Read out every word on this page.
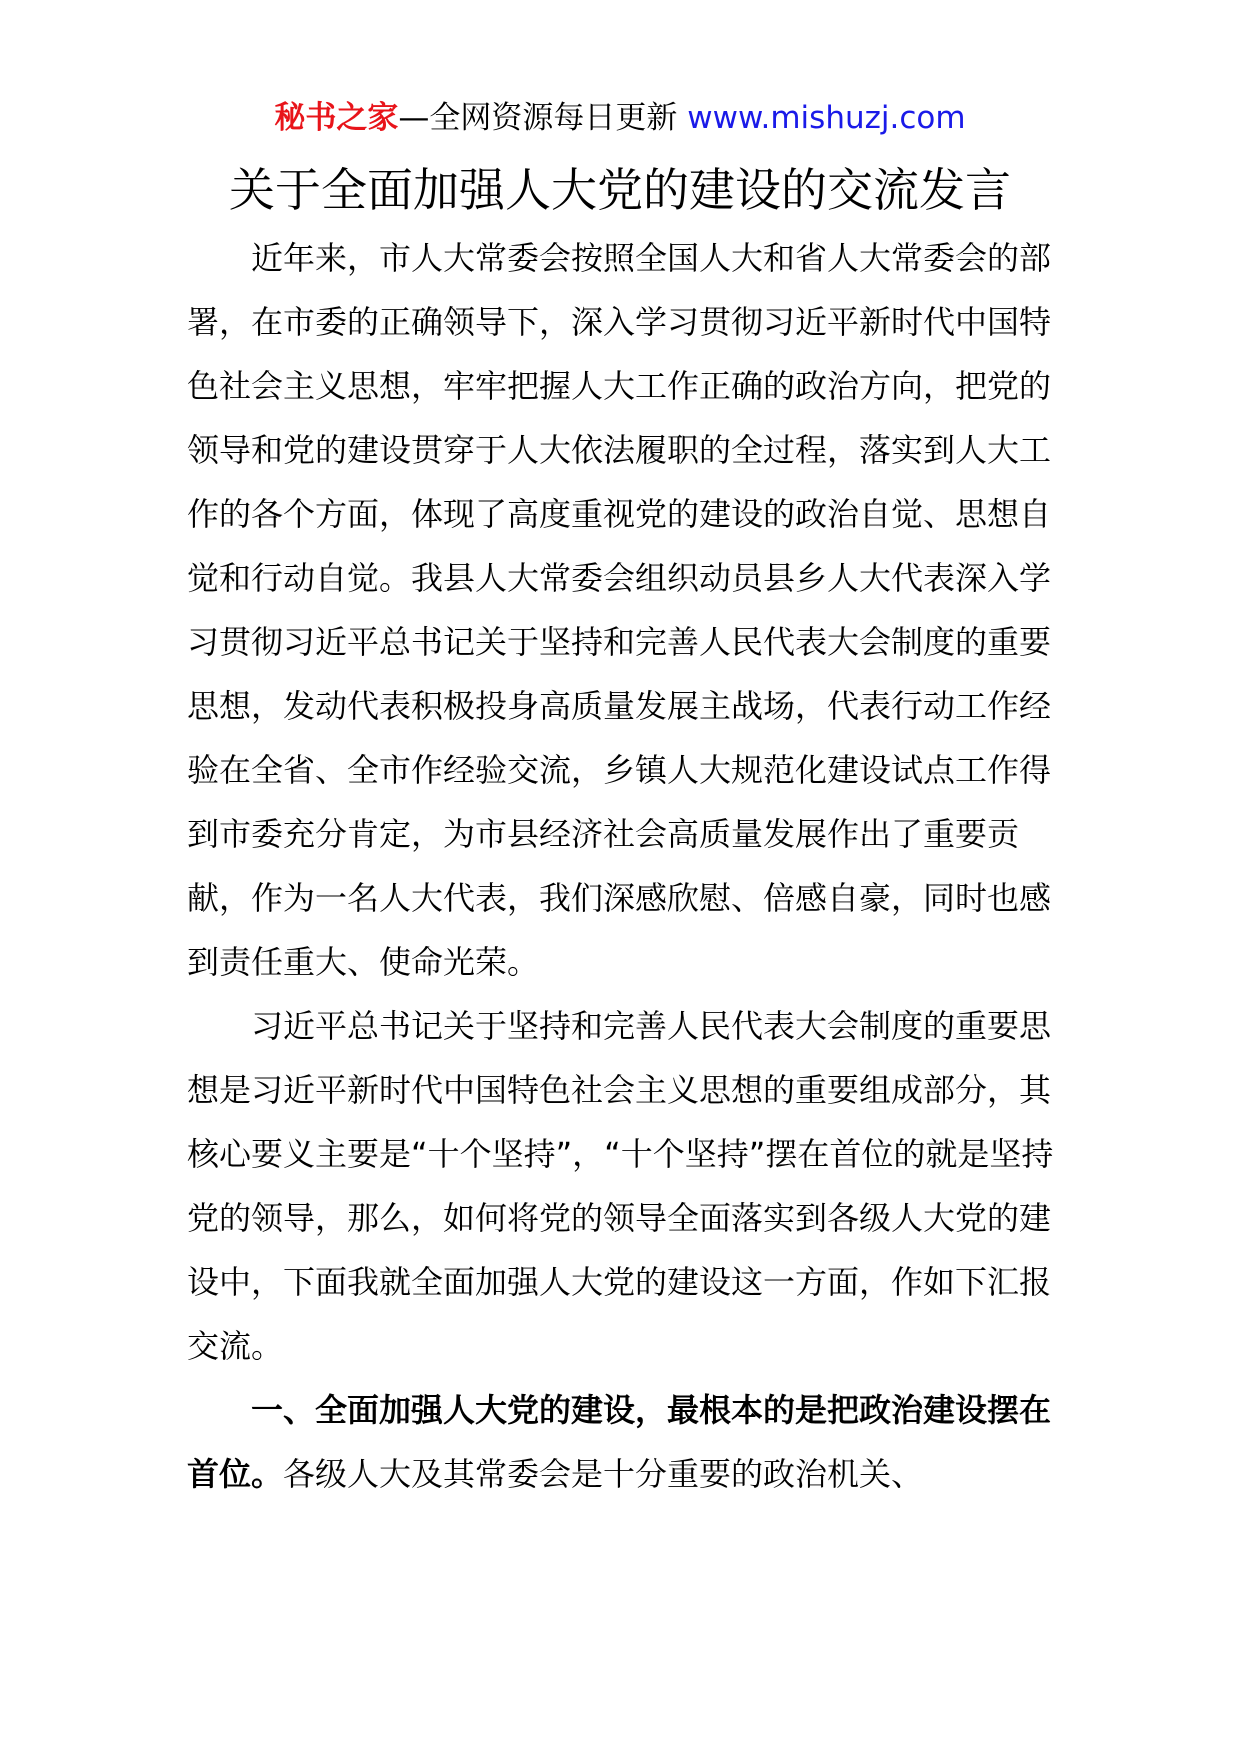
秘书之家—全网资源每日更新 www.mishuzj.com
关于全面加强人大党的建设的交流发言

近年来，市人大常委会按照全国人大和省人大常委会的部署，在市委的正确领导下，深入学习贯彻习近平新时代中国特色社会主义思想，牢牢把握人大工作正确的政治方向，把党的领导和党的建设贯穿于人大依法履职的全过程，落实到人大工作的各个方面，体现了高度重视党的建设的政治自觉、思想自觉和行动自觉。我县人大常委会组织动员县乡人大代表深入学习贯彻习近平总书记关于坚持和完善人民代表大会制度的重要思想，发动代表积极投身高质量发展主战场，代表行动工作经验在全省、全市作经验交流，乡镇人大规范化建设试点工作得到市委充分肯定，为市县经济社会高质量发展作出了重要贡献，作为一名人大代表，我们深感欣慰、倍感自豪，同时也感到责任重大、使命光荣。

习近平总书记关于坚持和完善人民代表大会制度的重要思想是习近平新时代中国特色社会主义思想的重要组成部分，其核心要义主要是“十个坚持”，“十个坚持”摆在首位的就是坚持党的领导，那么，如何将党的领导全面落实到各级人大党的建设中，下面我就全面加强人大党的建设这一方面，作如下汇报交流。

一、全面加强人大党的建设，最根本的是把政治建设摆在首位。各级人大及其常委会是十分重要的政治机关、
